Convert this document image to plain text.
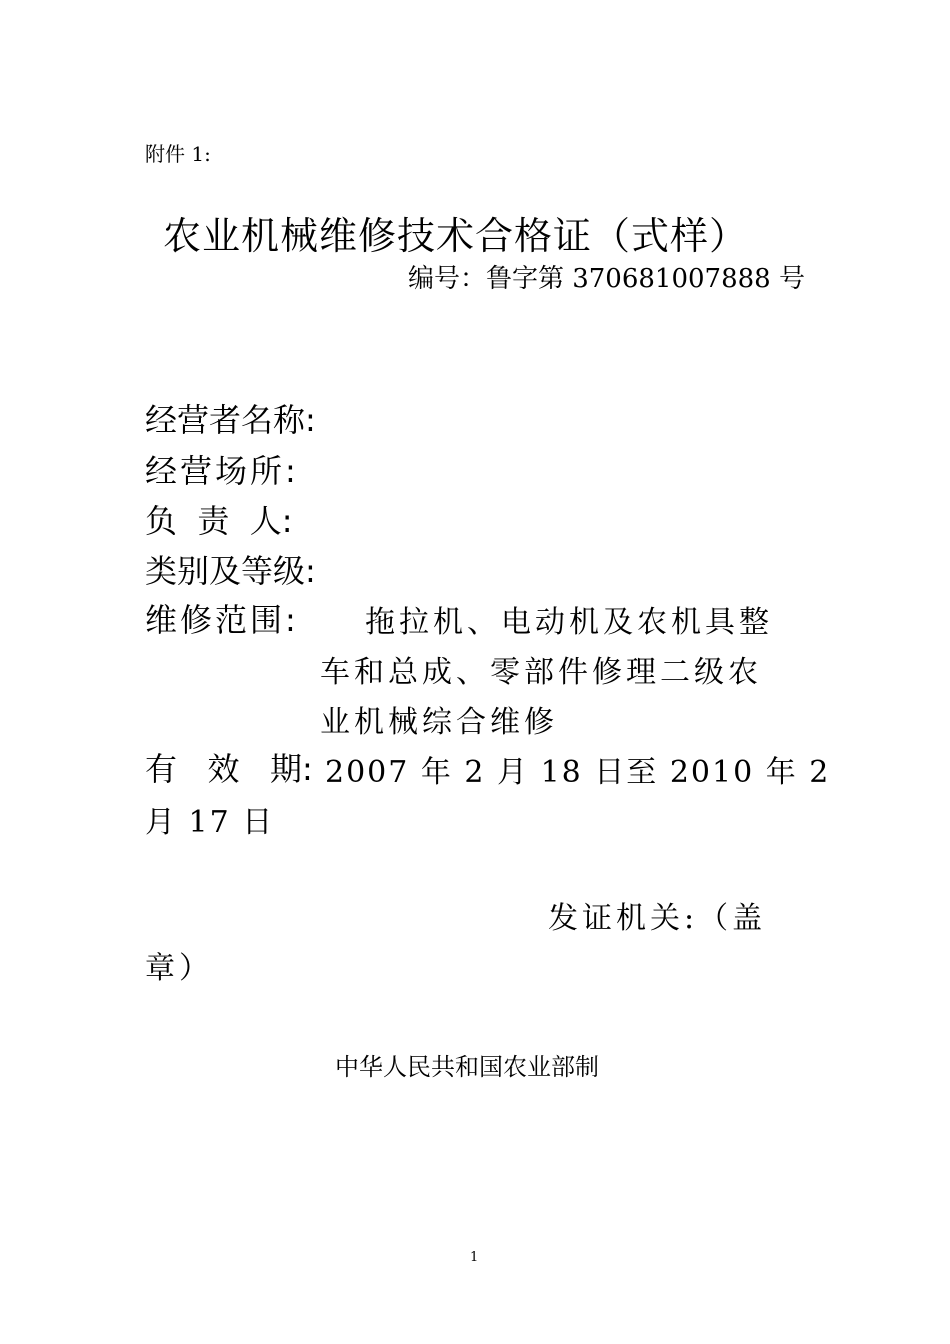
附件 1:
农业机械维修技术合格证（式样）
编号：鲁字第 370681007888 号
经营者名称:
经营场所:
负  责  人:
类别及等级:
维修范围: 拖拉机、电动机及农机具整
车和总成、零部件修理二级农
业机械综合维修
有   效   期: 2007 年 2 月 18 日至 2010 年 2
月 17 日
发证机关:（盖
章）
中华人民共和国农业部制
1
